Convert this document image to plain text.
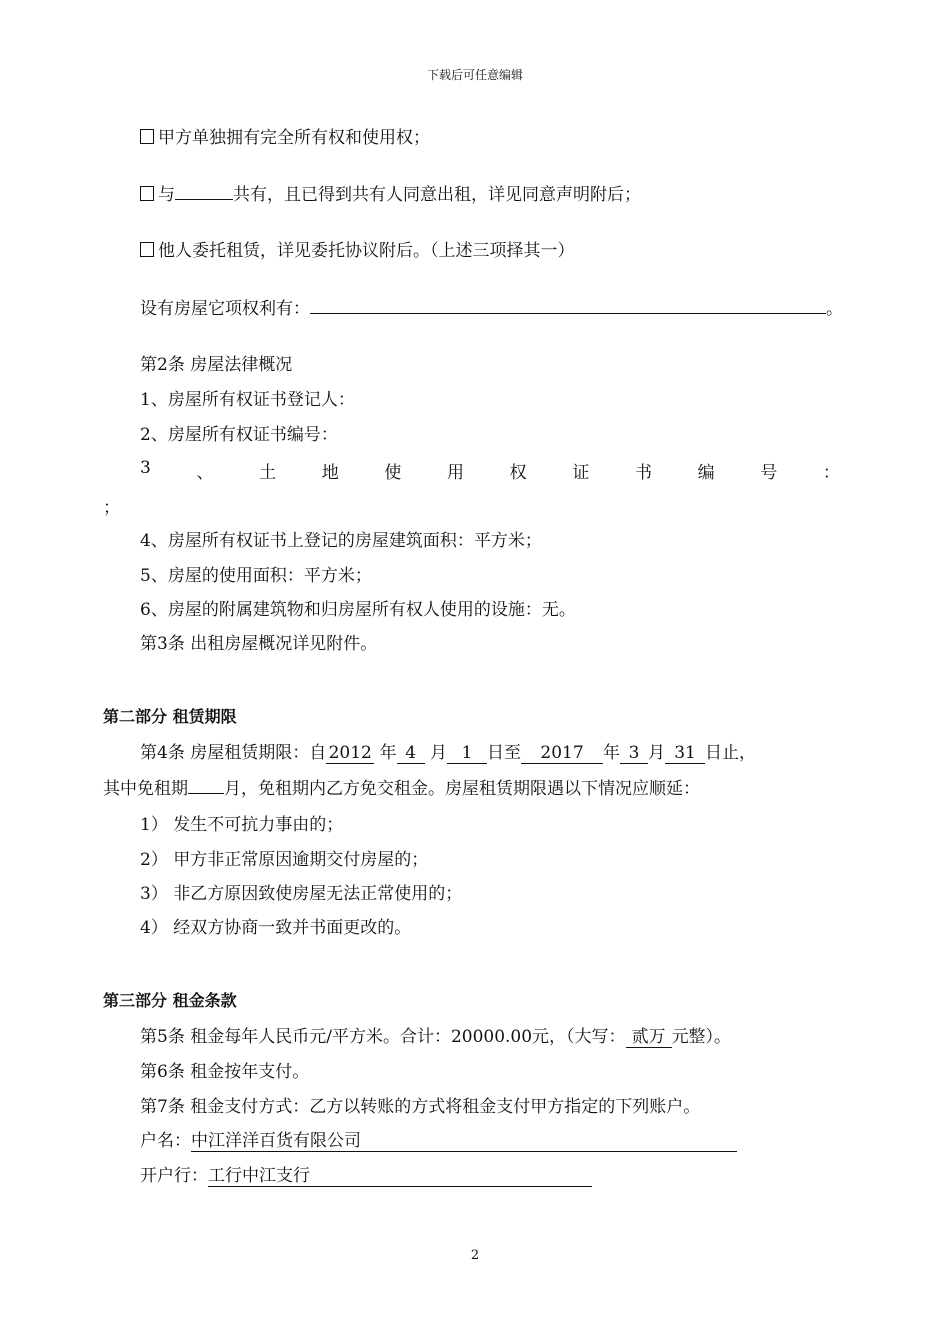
下载后可任意编辑
甲方单独拥有完全所有权和使用权；
与	共有，且已得到共有人同意出租，详见同意声明附后；
他人委托租赁，详见委托协议附后。（上述三项择其一）
设有房屋它项权利有：	。
第2条 房屋法律概况
1、房屋所有权证书登记人：
2、房屋所有权证书编号：
3	、	土	地	使	用	权	证	书	编	号	：
；
4、房屋所有权证书上登记的房屋建筑面积：平方米；
5、房屋的使用面积：平方米；
6、房屋的附属建筑物和归房屋所有权人使用的设施：无。
第3条 出租房屋概况详见附件。
第二部分 租赁期限
第4条 房屋租赁期限：自 2012 年 4 月 1 日至 2017 年 3 月 31 日止，
其中免租期 月，免租期内乙方免交租金。房屋租赁期限遇以下情况应顺延：
1） 发生不可抗力事由的；
2） 甲方非正常原因逾期交付房屋的；
3） 非乙方原因致使房屋无法正常使用的；
4） 经双方协商一致并书面更改的。
第三部分 租金条款
第5条 租金每年人民币元/平方米。合计：20000.00元，（大写： 贰万 元整）。
第6条 租金按年支付。
第7条 租金支付方式：乙方以转账的方式将租金支付甲方指定的下列账户。
户名：中江洋洋百货有限公司
开户行：工行中江支行
2
